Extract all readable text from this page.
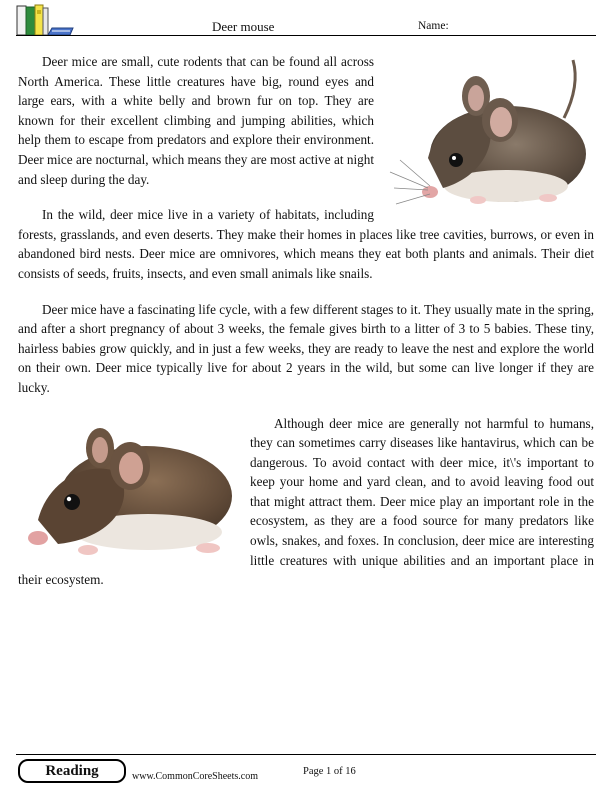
Deer mouse	Name:

Deer mice are small, cute rodents that can be found all across North America. These little creatures have big, round eyes and large ears, with a white belly and brown fur on top. They are known for their excellent climbing and jumping abilities, which help them to escape from predators and explore their environment. Deer mice are nocturnal, which means they are most active at night and sleep during the day.

In the wild, deer mice live in a variety of habitats, including forests, grasslands, and even deserts. They make their homes in places like tree cavities, burrows, or even in abandoned bird nests. Deer mice are omnivores, which means they eat both plants and animals. Their diet consists of seeds, fruits, insects, and even small animals like snails.

Deer mice have a fascinating life cycle, with a few different stages to it. They usually mate in the spring, and after a short pregnancy of about 3 weeks, the female gives birth to a litter of 3 to 5 babies. These tiny, hairless babies grow quickly, and in just a few weeks, they are ready to leave the nest and explore the world on their own. Deer mice typically live for about 2 years in the wild, but some can live longer if they are lucky.

Although deer mice are generally not harmful to humans, they can sometimes carry diseases like hantavirus, which can be dangerous. To avoid contact with deer mice, it\'s important to keep your home and yard clean, and to avoid leaving food out that might attract them. Deer mice play an important role in the ecosystem, as they are a food source for many predators like owls, snakes, and foxes. In conclusion, deer mice are interesting little creatures with unique abilities and an important place in their ecosystem.

Reading	www.CommonCoreSheets.com	Page 1 of 16
